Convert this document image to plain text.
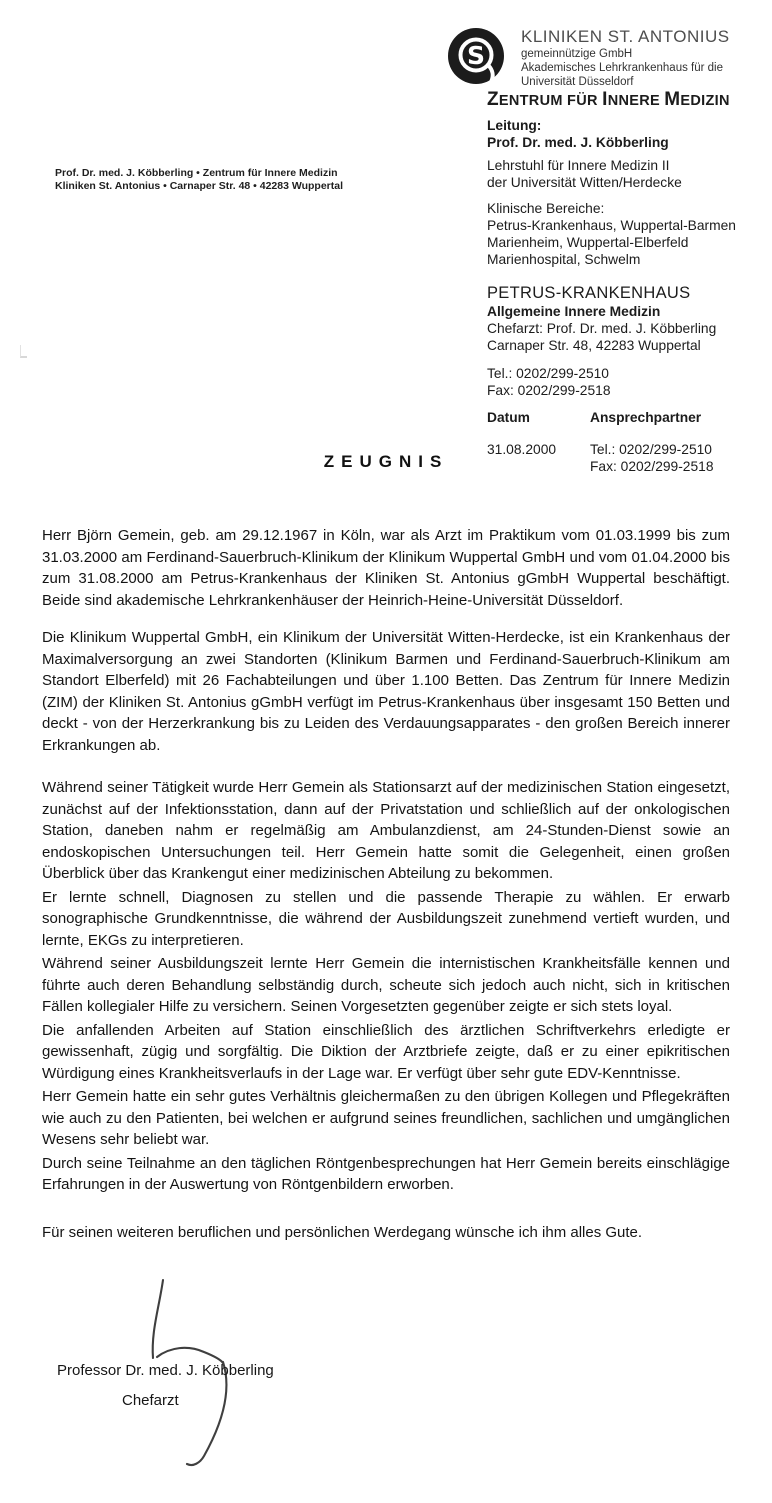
Prof. Dr. med. J. Köbberling • Zentrum für Innere Medizin
Kliniken St. Antonius • Carnaper Str. 48 • 42283 Wuppertal
S
KLINIKEN ST. ANTONIUS
gemeinnützige GmbH
Akademisches Lehrkrankenhaus für die
Universität Düsseldorf
ZENTRUM FÜR INNERE MEDIZIN
Leitung:
Prof. Dr. med. J. Köbberling
Lehrstuhl für Innere Medizin II
der Universität Witten/Herdecke
Klinische Bereiche:
Petrus-Krankenhaus, Wuppertal-Barmen
Marienheim, Wuppertal-Elberfeld
Marienhospital, Schwelm
PETRUS-KRANKENHAUS
Allgemeine Innere Medizin
Chefarzt: Prof. Dr. med. J. Köbberling
Carnaper Str. 48, 42283 Wuppertal
Tel.: 0202/299-2510
Fax: 0202/299-2518
Datum	Ansprechpartner
31.08.2000	Tel.: 0202/299-2510
Fax: 0202/299-2518
ZEUGNIS

Herr Björn Gemein, geb. am 29.12.1967 in Köln, war als Arzt im Praktikum vom 01.03.1999 bis zum 31.03.2000 am Ferdinand-Sauerbruch-Klinikum der Klinikum Wuppertal GmbH und vom 01.04.2000 bis zum 31.08.2000 am Petrus-Krankenhaus der Kliniken St. Antonius gGmbH Wuppertal beschäftigt. Beide sind akademische Lehrkrankenhäuser der Heinrich-Heine-Universität Düsseldorf.

Die Klinikum Wuppertal GmbH, ein Klinikum der Universität Witten-Herdecke, ist ein Krankenhaus der Maximalversorgung an zwei Standorten (Klinikum Barmen und Ferdinand-Sauerbruch-Klinikum am Standort Elberfeld) mit 26 Fachabteilungen und über 1.100 Betten. Das Zentrum für Innere Medizin (ZIM) der Kliniken St. Antonius gGmbH verfügt im Petrus-Krankenhaus über insgesamt 150 Betten und deckt - von der Herzerkrankung bis zu Leiden des Verdauungsapparates - den großen Bereich innerer Erkrankungen ab.

Während seiner Tätigkeit wurde Herr Gemein als Stationsarzt auf der medizinischen Station eingesetzt, zunächst auf der Infektionsstation, dann auf der Privatstation und schließlich auf der onkologischen Station, daneben nahm er regelmäßig am Ambulanzdienst, am 24-Stunden-Dienst sowie an endoskopischen Untersuchungen teil. Herr Gemein hatte somit die Gelegenheit, einen großen Überblick über das Krankengut einer medizinischen Abteilung zu bekommen.

Er lernte schnell, Diagnosen zu stellen und die passende Therapie zu wählen. Er erwarb sonographische Grundkenntnisse, die während der Ausbildungszeit zunehmend vertieft wurden, und lernte, EKGs zu interpretieren.

Während seiner Ausbildungszeit lernte Herr Gemein die internistischen Krankheitsfälle kennen und führte auch deren Behandlung selbständig durch, scheute sich jedoch auch nicht, sich in kritischen Fällen kollegialer Hilfe zu versichern. Seinen Vorgesetzten gegenüber zeigte er sich stets loyal.

Die anfallenden Arbeiten auf Station einschließlich des ärztlichen Schriftverkehrs erledigte er gewissenhaft, zügig und sorgfältig. Die Diktion der Arztbriefe zeigte, daß er zu einer epikritischen Würdigung eines Krankheitsverlaufs in der Lage war. Er verfügt über sehr gute EDV-Kenntnisse.

Herr Gemein hatte ein sehr gutes Verhältnis gleichermaßen zu den übrigen Kollegen und Pflegekräften wie auch zu den Patienten, bei welchen er aufgrund seines freundlichen, sachlichen und umgänglichen Wesens sehr beliebt war.

Durch seine Teilnahme an den täglichen Röntgenbesprechungen hat Herr Gemein bereits einschlägige Erfahrungen in der Auswertung von Röntgenbildern erworben.

Für seinen weiteren beruflichen und persönlichen Werdegang wünsche ich ihm alles Gute.

Professor Dr. med. J. Köbberling
Chefarzt
